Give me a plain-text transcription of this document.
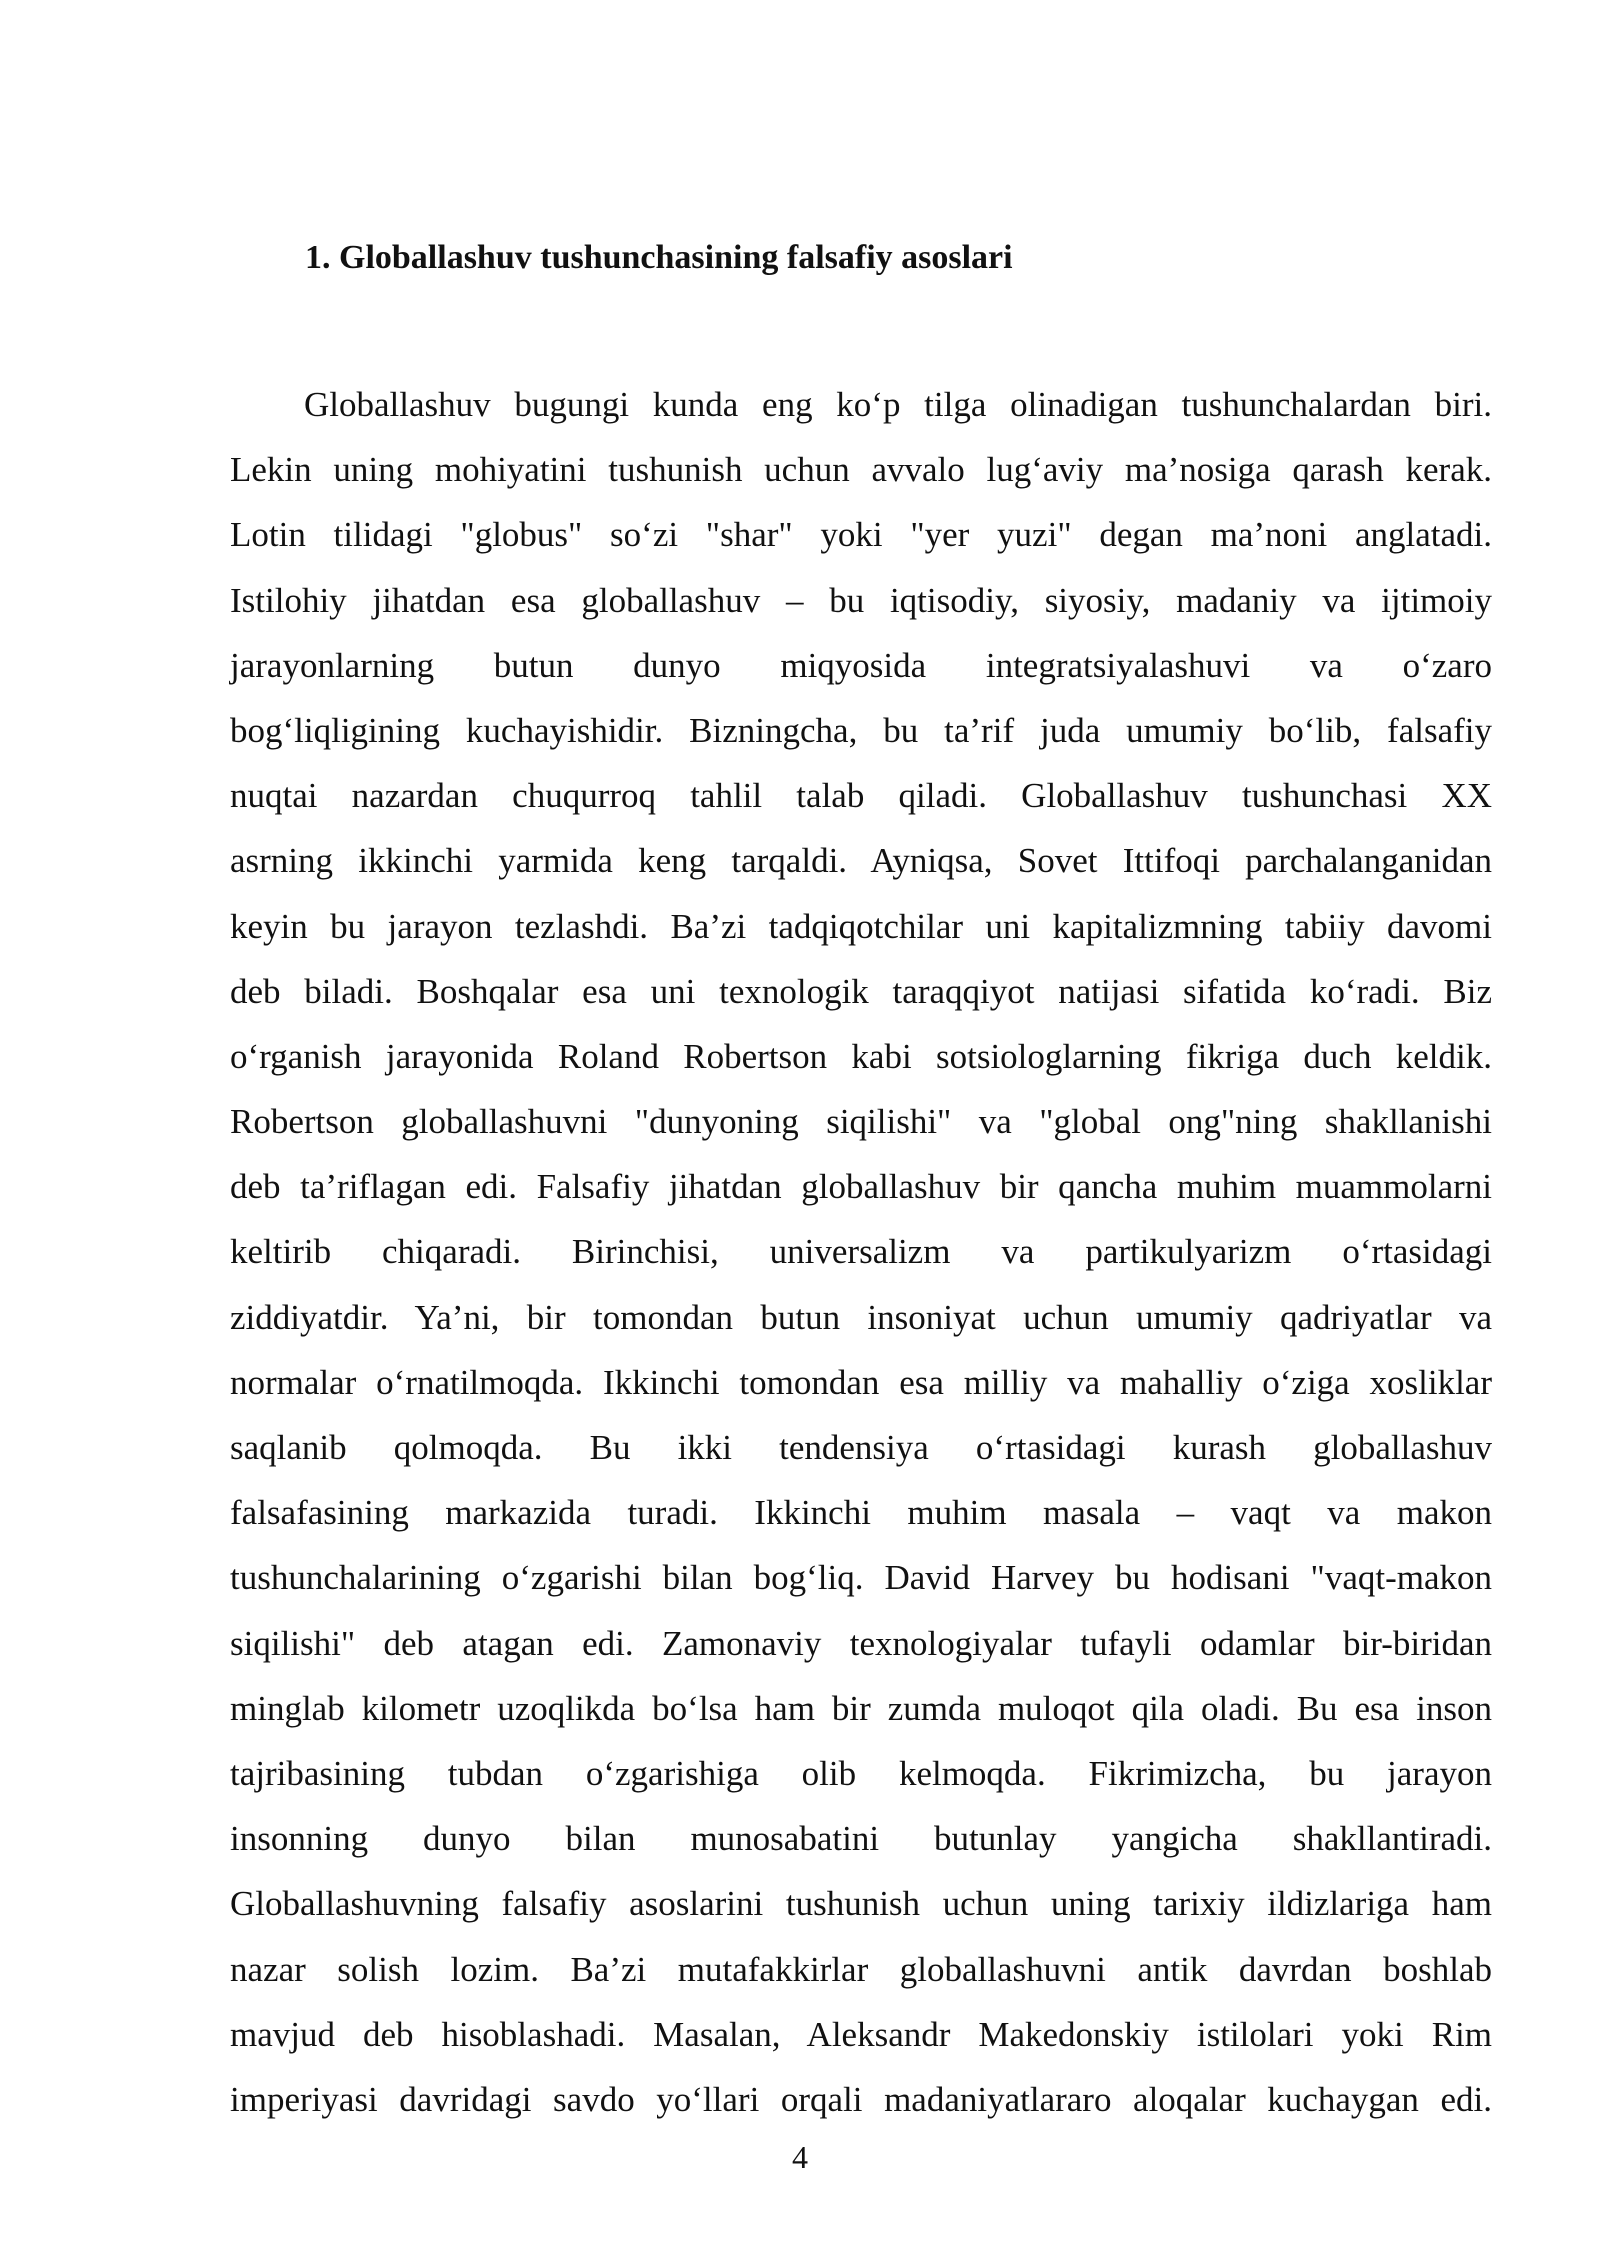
1. Globallashuv tushunchasining falsafiy asoslari
Globallashuv bugungi kunda eng ko‘p tilga olinadigan tushunchalardan biri.
Lekin uning mohiyatini tushunish uchun avvalo lug‘aviy ma’nosiga qarash kerak.
Lotin tilidagi "globus" so‘zi "shar" yoki "yer yuzi" degan ma’noni anglatadi.
Istilohiy jihatdan esa globallashuv – bu iqtisodiy, siyosiy, madaniy va ijtimoiy
jarayonlarning butun dunyo miqyosida integratsiyalashuvi va o‘zaro
bog‘liqligining kuchayishidir. Bizningcha, bu ta’rif juda umumiy bo‘lib, falsafiy
nuqtai nazardan chuqurroq tahlil talab qiladi. Globallashuv tushunchasi XX
asrning ikkinchi yarmida keng tarqaldi. Ayniqsa, Sovet Ittifoqi parchalanganidan
keyin bu jarayon tezlashdi. Ba’zi tadqiqotchilar uni kapitalizmning tabiiy davomi
deb biladi. Boshqalar esa uni texnologik taraqqiyot natijasi sifatida ko‘radi. Biz
o‘rganish jarayonida Roland Robertson kabi sotsiologlarning fikriga duch keldik.
Robertson globallashuvni "dunyoning siqilishi" va "global ong"ning shakllanishi
deb ta’riflagan edi. Falsafiy jihatdan globallashuv bir qancha muhim muammolarni
keltirib chiqaradi. Birinchisi, universalizm va partikulyarizm o‘rtasidagi
ziddiyatdir. Ya’ni, bir tomondan butun insoniyat uchun umumiy qadriyatlar va
normalar o‘rnatilmoqda. Ikkinchi tomondan esa milliy va mahalliy o‘ziga xosliklar
saqlanib qolmoqda. Bu ikki tendensiya o‘rtasidagi kurash globallashuv
falsafasining markazida turadi. Ikkinchi muhim masala – vaqt va makon
tushunchalarining o‘zgarishi bilan bog‘liq. David Harvey bu hodisani "vaqt-makon
siqilishi" deb atagan edi. Zamonaviy texnologiyalar tufayli odamlar bir-biridan
minglab kilometr uzoqlikda bo‘lsa ham bir zumda muloqot qila oladi. Bu esa inson
tajribasining tubdan o‘zgarishiga olib kelmoqda. Fikrimizcha, bu jarayon
insonning dunyo bilan munosabatini butunlay yangicha shakllantiradi.
Globallashuvning falsafiy asoslarini tushunish uchun uning tarixiy ildizlariga ham
nazar solish lozim. Ba’zi mutafakkirlar globallashuvni antik davrdan boshlab
mavjud deb hisoblashadi. Masalan, Aleksandr Makedonskiy istilolari yoki Rim
imperiyasi davridagi savdo yo‘llari orqali madaniyatlararo aloqalar kuchaygan edi.
4
